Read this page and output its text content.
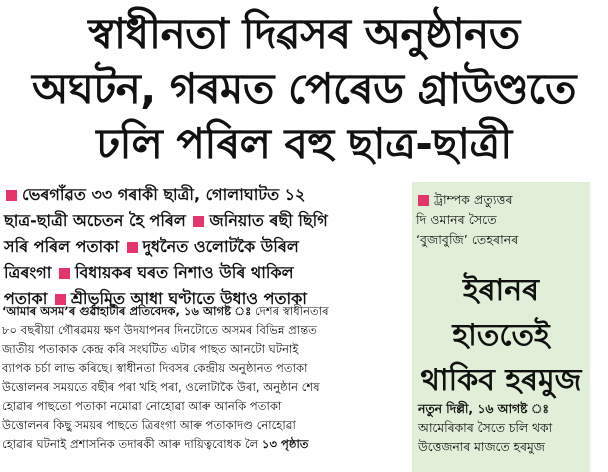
স্বাধীনতা দিৱসৰ অনুষ্ঠানত
অঘটন, গৰমত পেৰেড গ্ৰাউণ্ডতে
ঢলি পৰিল বহু ছাত্ৰ-ছাত্ৰী
ভেৰগাঁৱত ৩৩ গৰাকী ছাত্ৰী, গোলাঘাটত ১২
ছাত্ৰ-ছাত্ৰী অচেতন হৈ পৰিল জনিয়াত ৰছী ছিগি
সৰি পৰিল পতাকা দুধনৈত ওলোটকৈ উৰিল
ত্ৰিৰংগা বিধায়কৰ ঘৰত নিশাও উৰি থাকিল
পতাকা শ্ৰীভূমিত আধা ঘণ্টাতে উধাও পতাকা
‘আমাৰ অসম’ৰ গুৱাহাটীৰ প্ৰতিবেদক, ১৬ আগষ্ট ঃ দেশৰ স্বাধীনতাৰ
৮০ বছৰীয়া গৌৰৱময় ক্ষণ উদযাপনৰ দিনটোতে অসমৰ বিভিন্ন প্ৰান্তত
জাতীয় পতাকাক কেন্দ্ৰ কৰি সংঘটিত এটাৰ পাছত আনটো ঘটনাই
ব্যাপক চৰ্চা লাভ কৰিছে। স্বাধীনতা দিবসৰ কেন্দ্ৰীয় অনুষ্ঠানত পতাকা
উত্তোলনৰ সময়তে বছীৰ পৰা খহি পৰা, ওলোটাকৈ উৰা, অনুষ্ঠান শেষ
হোৱাৰ পাছতো পতাকা নমোৱা নোহোৱা আৰু আনকি পতাকা
উত্তোলনৰ কিছু সময়ৰ পাছতে ত্ৰিৰংগা আৰু পতাকাদণ্ড নোহোৱা
হোৱাৰ ঘটনাই প্ৰশাসনিক তদাৰকী আৰু দায়িত্ববোধক লৈ ১৩ পৃষ্ঠাত
ট্ৰাম্পক প্ৰত্যুত্তৰ
দি ওমানৰ সৈতে
‘বুজাবুজি’ তেহৰানৰ
ইৰানৰ
হাততেই
থাকিব হৰমুজ
নতুন দিল্লী, ১৬ আগষ্ট ঃ
আমেৰিকাৰ সৈতে চলি থকা
উত্তেজনাৰ মাজতে হৰমুজ
